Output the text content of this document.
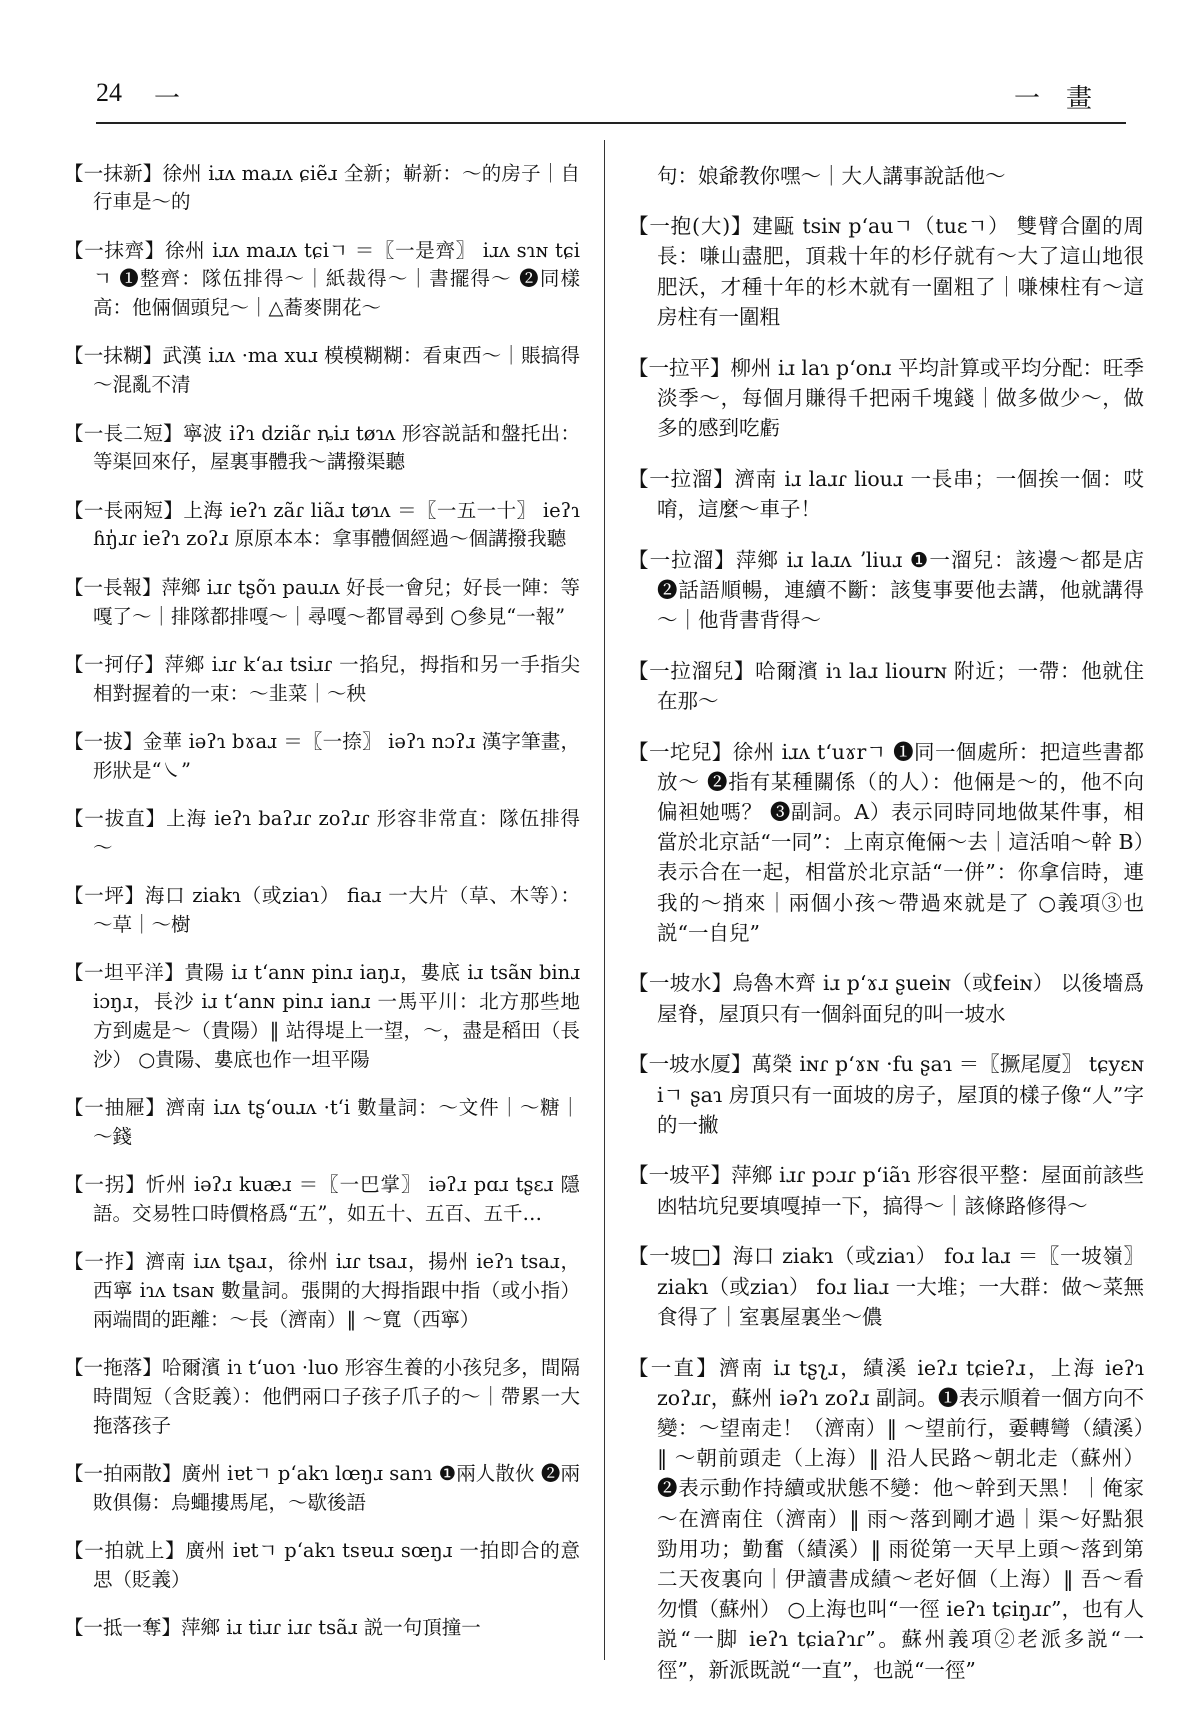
24 一	一畫

【一抹新】徐州 iɹʌ maɹʌ ɕiẽɹ 全新；嶄新：～的房子｜自行車是～的

【一抹齊】徐州 iɹʌ maɹʌ tɕiㄱ ＝〖一是齊〗 iɹʌ sɿɴ tɕiㄱ ❶整齊：隊伍排得～｜紙裁得～｜書擺得～ ❷同樣高：他倆個頭兒～｜△蕎麥開花～

【一抹糊】武漢 iɹʌ ·ma xuɹ 模模糊糊：看東西～｜賬搞得～混亂不清

【一長二短】寧波 iʔɿ dziãɾ ȵiɹ tøɿʌ 形容説話和盤托出：等渠回來仔，屋裏事體我～講撥渠聽

【一長兩短】上海 ieʔɿ zãɾ liãɹ tøɿʌ ＝〖一五一十〗 ieʔɿ ɦŋ̍ɹɾ ieʔɿ zoʔɹ 原原本本：拿事體個經過～個講撥我聽

【一長報】萍鄉 iɹɾ tʂõɿ pauɹʌ 好長一會兒；好長一陣：等嘎了～｜排隊都排嘎～｜尋嘎～都冒尋到 ○參見“一報”

【一抲仔】萍鄉 iɹɾ kʻaɹ tsiɹɾ 一掐兒，拇指和另一手指尖相對握着的一束：～韭菜｜～秧

【一拔】金華 iəʔɿ bɤaɹ ＝〖一捺〗 iəʔɿ nɔʔɹ 漢字筆畫，形狀是“㇏”

【一拔直】上海 ieʔɿ baʔɹɾ zoʔɹɾ 形容非常直：隊伍排得～

【一坪】海口 ziakɿ（或ziaɿ） fiaɹ 一大片（草、木等）：～草｜～樹

【一坦平洋】貴陽 iɹ tʻanɴ pinɹ iaŋɹ，婁底 iɹ tsãɴ binɹ iɔŋɹ，長沙 iɹ tʻanɴ pinɹ ianɹ 一馬平川：北方那些地方到處是～（貴陽）‖ 站得堤上一望，～，盡是稻田（長沙） ○貴陽、婁底也作一坦平陽

【一抽屜】濟南 iɹʌ tʂʻouɹʌ ·tʻi 數量詞：～文件｜～糖｜～錢

【一拐】忻州 iəʔɹ kuæɹ ＝〖一巴掌〗 iəʔɹ pɑɹ tʂɛɹ 隱語。交易牲口時價格爲“五”，如五十、五百、五千…

【一拃】濟南 iɹʌ tʂaɹ，徐州 iɹɾ tsaɹ，揚州 ieʔɿ tsaɹ，西寧 iɿʌ tsaɴ 數量詞。張開的大拇指跟中指（或小指）兩端間的距離：～長（濟南）‖ ～寬（西寧）

【一拖落】哈爾濱 iɿ tʻuoɿ ·luo 形容生養的小孩兒多，間隔時間短（含貶義）：他們兩口子孩子爪子的～｜帶累一大拖落孩子

【一拍兩散】廣州 iɐtㄱ pʻakɿ lœŋɹ sanɿ ❶兩人散伙 ❷兩敗俱傷：烏蠅摟馬尾，～歇後語

【一拍就上】廣州 iɐtㄱ pʻakɿ tsɐuɹ sœŋɹ 一拍即合的意思（貶義）

【一抵一奪】萍鄉 iɹ tiɹɾ iɹɾ tsãɹ 説一句頂撞一

句：娘爺教你嘿～｜大人講事說話他～

【一抱(大)】建甌 tsiɴ pʻauㄱ（tuɛㄱ） 雙臂合圍的周長：嗛山盡肥，頂栽十年的杉仔就有～大了這山地很肥沃，才種十年的杉木就有一圍粗了｜嗛棟柱有～這房柱有一圍粗

【一拉平】柳州 iɹ laɿ pʻonɹ 平均計算或平均分配：旺季淡季～，每個月賺得千把兩千塊錢｜做多做少～，做多的感到吃虧

【一拉溜】濟南 iɹ laɹɾ liouɹ 一長串；一個挨一個：哎唷，這麼～車子！

【一拉溜】萍鄉 iɹ laɹʌ ʼliuɹ ❶一溜兒：該邊～都是店 ❷話語順暢，連續不斷：該隻事要他去講，他就講得～｜他背書背得～

【一拉溜兒】哈爾濱 iɿ laɹ liourɴ 附近；一帶：他就住在那～

【一坨兒】徐州 iɹʌ tʻuɤrㄱ ❶同一個處所：把這些書都放～ ❷指有某種關係（的人）：他倆是～的，他不向偏袒她嗎？ ❸副詞。A）表示同時同地做某件事，相當於北京話“一同”：上南京俺倆～去｜這活咱～幹 B）表示合在一起，相當於北京話“一併”：你拿信時，連我的～捎來｜兩個小孩～帶過來就是了 ○義項③也説“一自兒”

【一坡水】烏魯木齊 iɹ pʻɤɹ ʂueiɴ（或feiɴ） 以後墻爲屋脊，屋頂只有一個斜面兒的叫一坡水

【一坡水厦】萬榮 iɴɾ pʻɤɴ ·fu ʂaɿ ＝〖撅尾厦〗 tɕyɛɴ iㄱ ʂaɿ 房頂只有一面坡的房子，屋頂的樣子像“人”字的一撇

【一坡平】萍鄉 iɹɾ pɔɹɾ pʻiãɿ 形容很平整：屋面前該些凼牯坑兒要填嘎掉一下，搞得～｜該條路修得～

【一坡□】海口 ziakɿ（或ziaɿ） foɹ laɹ ＝〖一坡嶺〗 ziakɿ（或ziaɿ） foɹ liaɹ 一大堆；一大群：做～菜無食得了｜室裏屋裏坐～儂

【一直】濟南 iɹ tʂʅɹ，績溪 ieʔɹ tɕieʔɹ，上海 ieʔɿ zoʔɹɾ，蘇州 iəʔɿ zoʔɹ 副詞。❶表示順着一個方向不變：～望南走！（濟南）‖ ～望前行，嫑轉彎（績溪）‖ ～朝前頭走（上海）‖ 沿人民路～朝北走（蘇州） ❷表示動作持續或狀態不變：他～幹到天黑！｜俺家～在濟南住（濟南）‖ 雨～落到剛才過｜渠～好點狠勁用功；勤奮（績溪）‖ 雨從第一天早上頭～落到第二天夜裏向｜伊讀書成績～老好個（上海）‖ 吾～看勿慣（蘇州） ○上海也叫“一徑 ieʔɿ tɕiŋɹɾ”，也有人説“一脚 ieʔɿ tɕiaʔɿɾ”。蘇州義項②老派多説“一徑”，新派既説“一直”，也説“一徑”
